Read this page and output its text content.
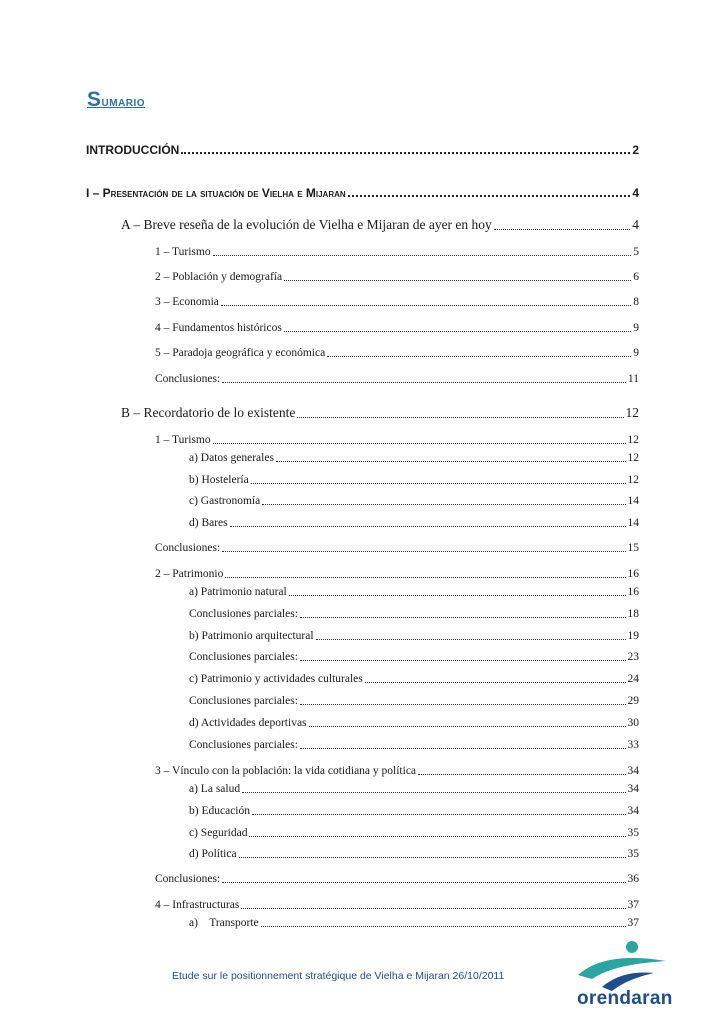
Sumario
INTRODUCCIÓN	2
I – Presentación de la situación de Vielha e Mijaran	4
A – Breve reseña de la evolución de Vielha e Mijaran de ayer en hoy	4
1 – Turismo	5
2 – Población y demografía	6
3 – Economia	8
4 – Fundamentos históricos	9
5 – Paradoja geográfica y económica	9
Conclusiones:	11
B – Recordatorio de lo existente	12
1 – Turismo	12
a) Datos generales	12
b) Hostelería	12
c) Gastronomía	14
d) Bares	14
Conclusiones:	15
2 – Patrimonio	16
a) Patrimonio natural	16
Conclusiones parciales:	18
b) Patrimonio arquitectural	19
Conclusiones parciales:	23
c) Patrimonio y actividades culturales	24
Conclusiones parciales:	29
d) Actividades deportivas	30
Conclusiones parciales:	33
3 – Vínculo con la población: la vida cotidiana y política	34
a) La salud	34
b) Educación	34
c) Seguridad	35
d) Política	35
Conclusiones:	36
4 – Infrastructuras	37
a)    Transporte	37
Etude sur le positionnement stratégique de Vielha e Mijaran 26/10/2011
orendaran
